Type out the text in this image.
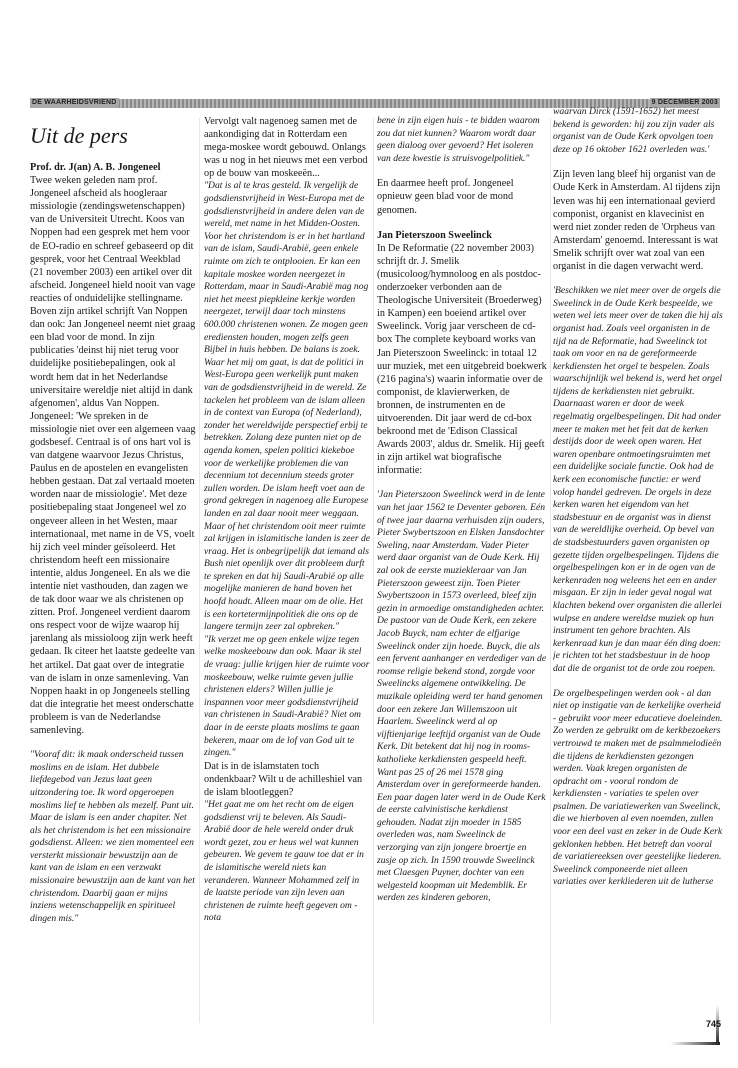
DE WAARHEIDSVRIEND	9 DECEMBER 2003

Uit de pers

Prof. dr. J(an) A. B. Jongeneel

Twee weken geleden nam prof. Jongeneel afscheid als hoogleraar missiologie (zendingswetenschappen) van de Universiteit Utrecht. Koos van Noppen had een gesprek met hem voor de EO-radio en schreef gebaseerd op dit gesprek, voor het Centraal Weekblad (21 november 2003) een artikel over dit afscheid. Jongeneel hield nooit van vage reacties of onduidelijke stellingname. Boven zijn artikel schrijft Van Noppen dan ook: Jan Jongeneel neemt niet graag een blad voor de mond. In zijn publicaties 'deinst hij niet terug voor duidelijke positiebepalingen, ook al wordt hem dat in het Nederlandse universitaire wereldje niet altijd in dank afgenomen', aldus Van Noppen. Jongeneel: 'We spreken in de missiologie niet over een algemeen vaag godsbesef. Centraal is of ons hart vol is van datgene waarvoor Jezus Christus, Paulus en de apostelen en evangelisten hebben gestaan. Dat zal vertaald moeten worden naar de missiologie'. Met deze positiebepaling staat Jongeneel wel zo ongeveer alleen in het Westen, maar internationaal, met name in de VS, voelt hij zich veel minder geïsoleerd. Het christendom heeft een missionaire intentie, aldus Jongeneel. En als we die intentie niet vasthouden, dan zagen we de tak door waar we als christenen op zitten. Prof. Jongeneel verdient daarom ons respect voor de wijze waarop hij jarenlang als missioloog zijn werk heeft gedaan. Ik citeer het laatste gedeelte van het artikel. Dat gaat over de integratie van de islam in onze samenleving. Van Noppen haakt in op Jongeneels stelling dat die integratie het meest onderschatte probleem is van de Nederlandse samenleving.

"Vooraf dit: ik maak onderscheid tussen moslims en de islam. Het dubbele liefdegebod van Jezus laat geen uitzondering toe. Ik word opgeroepen moslims lief te hebben als mezelf. Punt uit. Maar de islam is een ander chapiter. Net als het christendom is het een missionaire godsdienst. Alleen: we zien momenteel een versterkt missionair bewustzijn aan de kant van de islam en een verzwakt missionaire bewustzijn aan de kant van het christendom. Daarbij gaan er mijns inziens wetenschappelijk en spiritueel dingen mis."

Vervolgt valt nagenoeg samen met de aankondiging dat in Rotterdam een mega-moskee wordt gebouwd. Onlangs was u nog in het nieuws met een verbod op de bouw van moskeeën...

"Dat is al te kras gesteld. Ik vergelijk de godsdienstvrijheid in West-Europa met de godsdienstvrijheid in andere delen van de wereld, met name in het Midden-Oosten. Voor het christendom is er in het hartland van de islam, Saudi-Arabië, geen enkele ruimte om zich te ontplooien. Er kan een kapitale moskee worden neergezet in Rotterdam, maar in Saudi-Arabië mag nog niet het meest piepkleine kerkje worden neergezet, terwijl daar toch minstens 600.000 christenen wonen. Ze mogen geen erediensten houden, mogen zelfs geen Bijbel in huis hebben. De balans is zoek. Waar het mij om gaat, is dat de politici in West-Europa geen werkelijk punt maken van de godsdienstvrijheid in de wereld. Ze tackelen het probleem van de islam alleen in de context van Europa (of Nederland), zonder het wereldwijde perspectief erbij te betrekken. Zolang deze punten niet op de agenda komen, spelen politici kiekeboe voor de werkelijke problemen die van decennium tot decennium steeds groter zullen worden. De islam heeft voet aan de grond gekregen in nagenoeg alle Europese landen en zal daar nooit meer weggaan. Maar of het christendom ooit meer ruimte zal krijgen in islamitische landen is zeer de vraag. Het is onbegrijpelijk dat iemand als Bush niet openlijk over dit probleem durft te spreken en dat hij Saudi-Arabië op alle mogelijke manieren de hand boven het hoofd houdt. Alleen maar om de olie. Het is een kortetermijnpolitiek die ons op de langere termijn zeer zal opbreken."

"Ik verzet me op geen enkele wijze tegen welke moskeebouw dan ook. Maar ik stel de vraag: jullie krijgen hier de ruimte voor moskeebouw, welke ruimte geven jullie christenen elders? Willen jullie je inspannen voor meer godsdienstvrijheid van christenen in Saudi-Arabië? Niet om daar in de eerste plaats moslims te gaan bekeren, maar om de lof van God uit te zingen."

Dat is in de islamstaten toch ondenkbaar? Wilt u de achilleshiel van de islam blootleggen?

"Het gaat me om het recht om de eigen godsdienst vrij te beleven. Als Saudi-Arabië door de hele wereld onder druk wordt gezet, zou er heus wel wat kunnen gebeuren. We gevem te gauw toe dat er in de islamitische wereld niets kan veranderen. Wanneer Mohammed zelf in de laatste periode van zijn leven aan christenen de ruimte heeft gegeven om - nota

bene in zijn eigen huis - te bidden waarom zou dat niet kunnen? Waarom wordt daar geen dialoog over gevoerd? Het isoleren van deze kwestie is struisvogelpolitiek."

En daarmee heeft prof. Jongeneel opnieuw geen blad voor de mond genomen.

Jan Pieterszoon Sweelinck

In De Reformatie (22 november 2003) schrijft dr. J. Smelik (musicoloog/hymnoloog en als postdoc-onderzoeker verbonden aan de Theologische Universiteit (Broederweg) in Kampen) een boeiend artikel over Sweelinck. Vorig jaar verscheen de cd-box The complete keyboard works van Jan Pieterszoon Sweelinck: in totaal 12 uur muziek, met een uitgebreid boekwerk (216 pagina's) waarin informatie over de componist, de klavierwerken, de bronnen, de instrumenten en de uitvoerenden. Dit jaar werd de cd-box bekroond met de 'Edison Classical Awards 2003', aldus dr. Smelik. Hij geeft in zijn artikel wat biografische informatie:

'Jan Pieterszoon Sweelinck werd in de lente van het jaar 1562 te Deventer geboren. Eén of twee jaar daarna verhuisden zijn ouders, Pieter Swybertszoon en Elsken Jansdochter Sweling, naar Amsterdam. Vader Pieter werd daar organist van de Oude Kerk. Hij zal ook de eerste muziekleraar van Jan Pieterszoon geweest zijn. Toen Pieter Swybertszoon in 1573 overleed, bleef zijn gezin in armoedige omstandigheden achter. De pastoor van de Oude Kerk, een zekere Jacob Buyck, nam echter de elfjarige Sweelinck onder zijn hoede. Buyck, die als een fervent aanhanger en verdediger van de roomse religie bekend stond, zorgde voor Sweelincks algemene ontwikkeling. De muzikale opleiding werd ter hand genomen door een zekere Jan Willemszoon uit Haarlem. Sweelinck werd al op vijftienjarige leeftijd organist van de Oude Kerk. Dit betekent dat hij nog in rooms-katholieke kerkdiensten gespeeld heeft. Want pas 25 of 26 mei 1578 ging Amsterdam over in gereformeerde handen. Een paar dagen later werd in de Oude Kerk de eerste calvinistische kerkdienst gehouden. Nadat zijn moeder in 1585 overleden was, nam Sweelinck de verzorging van zijn jongere broertje en zusje op zich. In 1590 trouwde Sweelinck met Claesgen Puyner, dochter van een welgesteld koopman uit Medemblik. Er werden zes kinderen geboren,

waarvan Dirck (1591-1652) het meest bekend is geworden: hij zou zijn vader als organist van de Oude Kerk opvolgen toen deze op 16 oktober 1621 overleden was.'

Zijn leven lang bleef hij organist van de Oude Kerk in Amsterdam. Al tijdens zijn leven was hij een internationaal gevierd componist, organist en klavecinist en werd niet zonder reden de 'Orpheus van Amsterdam' genoemd. Interessant is wat Smelik schrijft over wat zoal van een organist in die dagen verwacht werd.

'Beschikken we niet meer over de orgels die Sweelinck in de Oude Kerk bespeelde, we weten wel iets meer over de taken die hij als organist had. Zoals veel organisten in de tijd na de Reformatie, had Sweelinck tot taak om voor en na de gereformeerde kerkdiensten het orgel te bespelen. Zoals waarschijnlijk wel bekend is, werd het orgel tijdens de kerkdiensten niet gebruikt. Daarnaast waren er door de week regelmatig orgelbespelingen. Dit had onder meer te maken met het feit dat de kerken destijds door de week open waren. Het waren openbare ontmoetingsruimten met een duidelijke sociale functie. Ook had de kerk een economische functie: er werd volop handel gedreven. De orgels in deze kerken waren het eigendom van het stadsbestuur en de organist was in dienst van de wereldlijke overheid. Op bevel van de stadsbestuurders gaven organisten op gezette tijden orgelbespelingen. Tijdens die orgelbespelingen kon er in de ogen van de kerkenraden nog weleens het een en ander misgaan. Er zijn in ieder geval nogal wat klachten bekend over organisten die allerlei wulpse en andere wereldse muziek op hun instrument ten gehore brachten. Als kerkenraad kun je dan maar één ding doen: je richten tot het stadsbestuur in de hoop dat die de organist tot de orde zou roepen.

De orgelbespelingen werden ook - al dan niet op instigatie van de kerkelijke overheid - gebruikt voor meer educatieve doeleinden. Zo werden ze gebruikt om de kerkbezoekers vertrouwd te maken met de psalmmelodieën die tijdens de kerkdiensten gezongen werden. Vaak kregen organisten de opdracht om - vooral rondom de kerkdiensten - variaties te spelen over psalmen. De variatiewerken van Sweelinck, die we hierboven al even noemden, zullen voor een deel vast en zeker in de Oude Kerk geklonken hebben. Het betreft dan vooral de variatiereeksen over geestelijke liederen. Sweelinck componeerde niet alleen variaties over kerkliederen uit de lutherse

745
